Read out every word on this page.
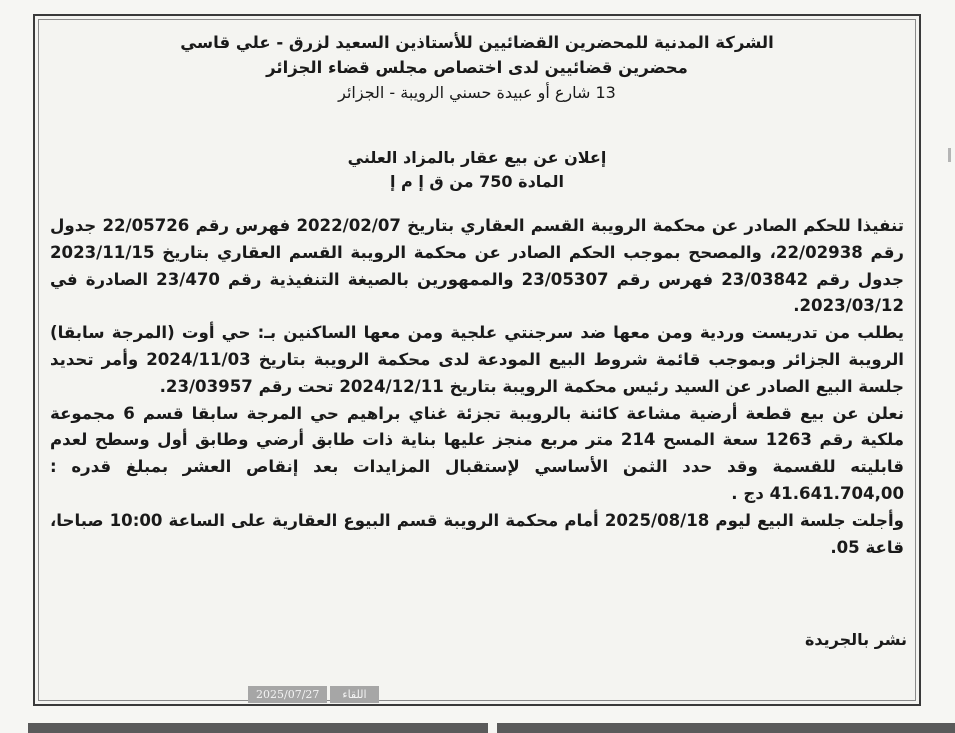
الشركة المدنية للمحضرين القضائيين للأستاذين السعيد لزرق - علي قاسي
محضرين قضائيين لدى اختصاص مجلس قضاء الجزائر
13 شارع أو عبيدة حسني الرويبة - الجزائر
إعلان عن بيع عقار بالمزاد العلني
المادة 750 من ق إ م إ

تنفيذا للحكم الصادر عن محكمة الرويبة القسم العقاري بتاريخ 2022/02/07 فهرس رقم 22/05726 جدول رقم 22/02938، والمصحح بموجب الحكم الصادر عن محكمة الرويبة القسم العقاري بتاريخ 2023/11/15 جدول رقم 23/03842 فهرس رقم 23/05307 والممهورين بالصيغة التنفيذية رقم 23/470 الصادرة في 2023/03/12.

يطلب من تدريست وردية ومن معها ضد سرجنتي علجية ومن معها الساكنين بـ: حي أوت (المرجة سابقا) الرويبة الجزائر وبموجب قائمة شروط البيع المودعة لدى محكمة الرويبة بتاريخ 2024/11/03 وأمر تحديد جلسة البيع الصادر عن السيد رئيس محكمة الرويبة بتاريخ 2024/12/11 تحت رقم 23/03957.

نعلن عن بيع قطعة أرضية مشاعة كائنة بالرويبة تجزئة غناي براهيم حي المرجة سابقا قسم 6 مجموعة ملكية رقم 1263 سعة المسح 214 متر مربع منجز عليها بناية ذات طابق أرضي وطابق أول وسطح لعدم قابليته للقسمة وقد حدد الثمن الأساسي لإستقبال المزايدات بعد إنقاص العشر بمبلغ قدره : 41.641.704,00 دج .

وأجلت جلسة البيع ليوم 2025/08/18 أمام محكمة الرويبة قسم البيوع العقارية على الساعة 10:00 صباحا، قاعة 05.

نشر بالجريدة
اللقاء
2025/07/27
